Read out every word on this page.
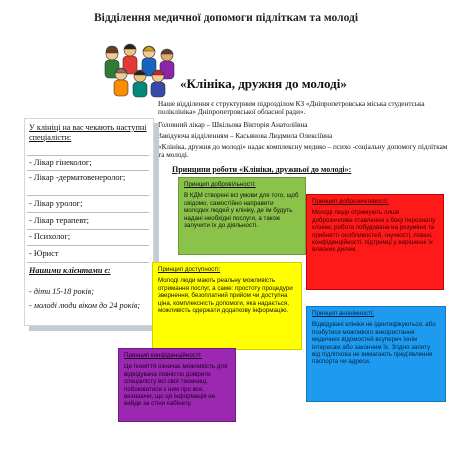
Відділення медичної допомоги підліткам та молоді
«Клініка, дружня до молоді»
Наше відділення є структурним підрозділом КЗ «Дніпропетровська міська студентська поліклініка» Дніпропетровської обласної ради».
Головний лікар – Шкільова Вікторія Анатоліївна
Завідуюча відділенням – Касьянова Людмила Олексіївна
«Клініка, дружня до молоді» надає комплексну медико – психо -соціальну допомогу підліткам та молоді.
Принципи роботи «Клініки, дружньої до молоді»:
У клініці на вас чекають наступні спеціалісти:
- Лікар гінеколог;
- Лікар -дерматовенеролог;
- Лікар уролог;
- Лікар терапевт;
- Психолог;
- Юрист
Нашими клієнтами є:
- діти 15-18 років;
- молоді люди віком до 24 років;
Принцип добровільності:
В КДМ створені всі умови для того, щоб свідомо, самостійно направити молодих людей у клініку, де їм будуть надані необхідні послуги, а також залучити їх до діяльності.
Принцип доброзичливості:
Молоді люди отримують лише доброзичливе ставлення з боку персоналу клініки, робота побудована на розумінні та прийнятті особливостей, гнучкості, повазі, конфіденційності, підтримці у вирішенні їх власних дилем.
Принцип доступності:
Молоді люди мають реальну можливість отримання послуг, а саме: простоту процедури звернення, безоплатний прийом чи доступна ціна, комплексність допомоги, яка надається, можливість одержати додаткову інформацію.	Принцип анонімності:
Відвідувачі клініки не ідентифікуються, або позбутися можливого використання медичних відомостей всупереч їхнім інтересам або законним їх. Згідно запиту від підліткова не вимагають пред'явлення паспорта чи адреси.
Принцип конфіденційності:
Це поняття означає можливість для відвідувача повністю довірити спеціалісту всі свої таємниці, побоюватися з ним про все, визнаючи, що ця інформація не вийде за стіни кабінету.
